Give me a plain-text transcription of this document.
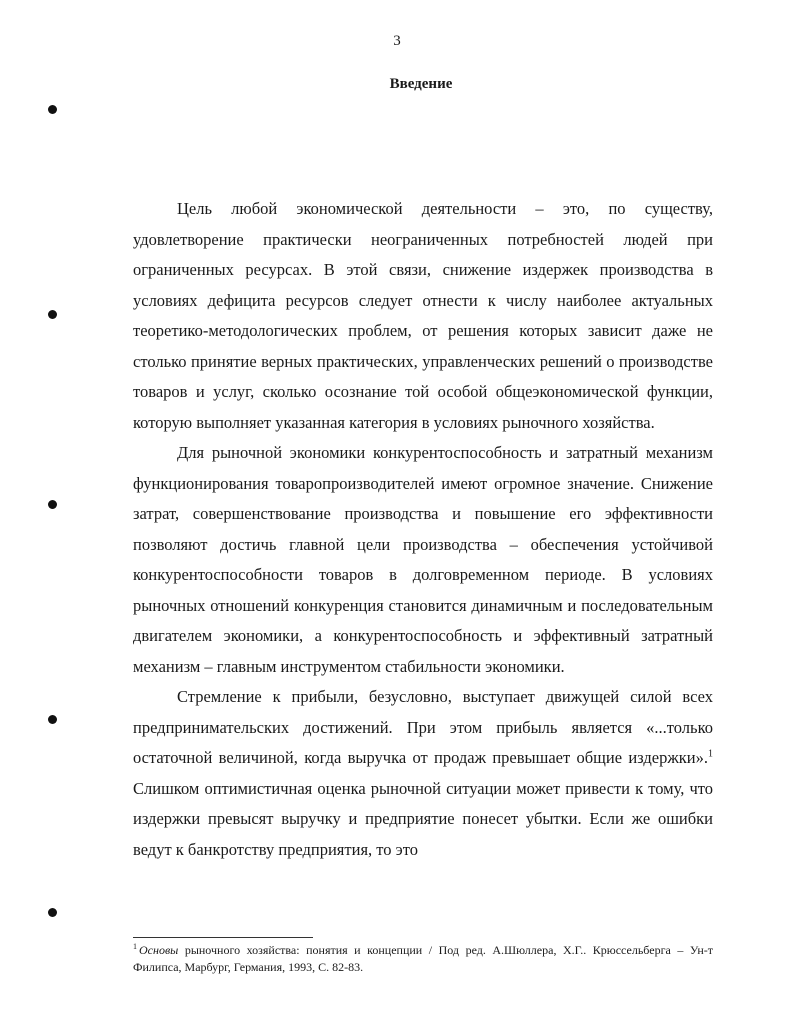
3
Введение

Цель любой экономической деятельности – это, по существу, удовлетворение практически неограниченных потребностей людей при ограниченных ресурсах. В этой связи, снижение издержек производства в условиях дефицита ресурсов следует отнести к числу наиболее актуальных теоретико-методологических проблем, от решения которых зависит даже не столько принятие верных практических, управленческих решений о производстве товаров и услуг, сколько осознание той особой общеэкономической функции, которую выполняет указанная категория в условиях рыночного хозяйства.

Для рыночной экономики конкурентоспособность и затратный механизм функционирования товаропроизводителей имеют огромное значение. Снижение затрат, совершенствование производства и повышение его эффективности позволяют достичь главной цели производства – обеспечения устойчивой конкурентоспособности товаров в долговременном периоде. В условиях рыночных отношений конкуренция становится динамичным и последовательным двигателем экономики, а конкурентоспособность и эффективный затратный механизм – главным инструментом стабильности экономики.

Стремление к прибыли, безусловно, выступает движущей силой всех предпринимательских достижений. При этом прибыль является «...только остаточной величиной, когда выручка от продаж превышает общие издержки».$^1$ Слишком оптимистичная оценка рыночной ситуации может привести к тому, что издержки превысят выручку и предприятие понесет убытки. Если же ошибки ведут к банкротству предприятия, то это

$^1$ Основы рыночного хозяйства: понятия и концепции / Под ред. А.Шюллера, Х.Г.. Крюссельберга – Ун-т Филипса, Марбург, Германия, 1993, С. 82-83.
